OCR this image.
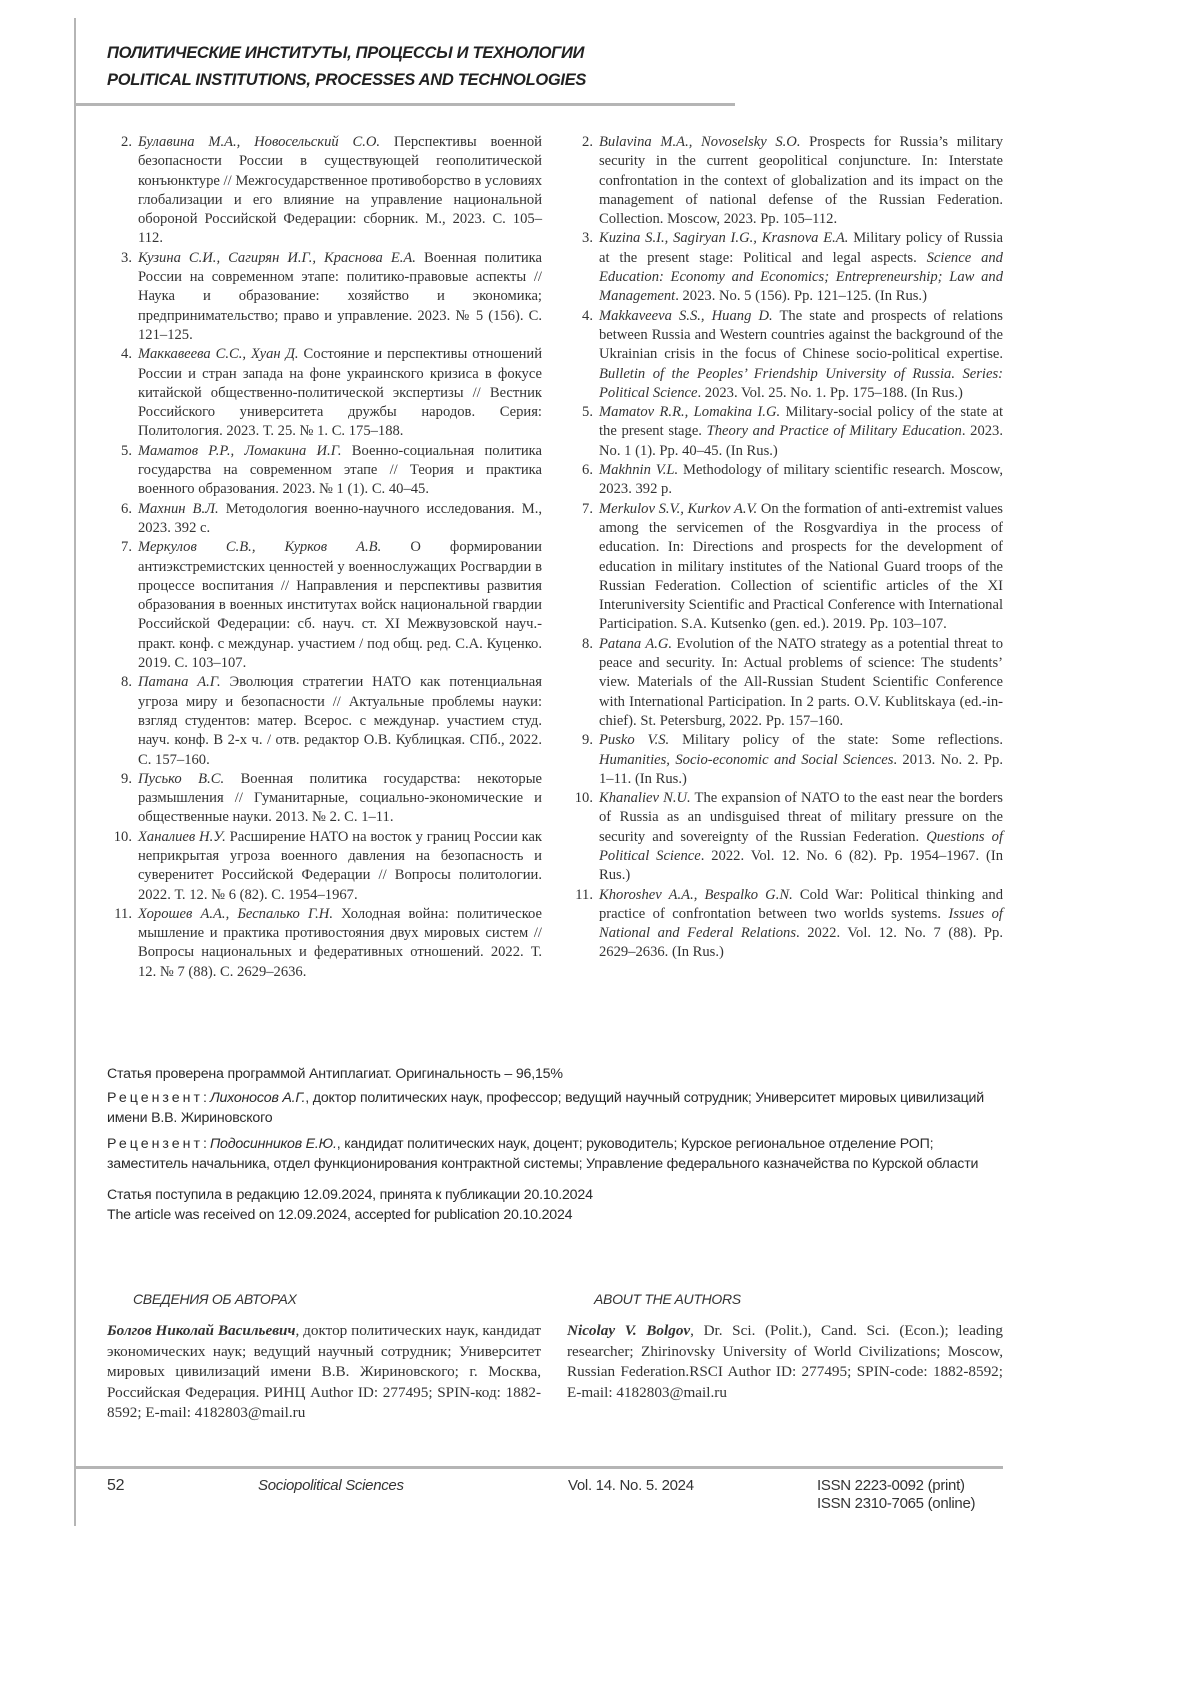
ПОЛИТИЧЕСКИЕ ИНСТИТУТЫ, ПРОЦЕССЫ И ТЕХНОЛОГИИ
POLITICAL INSTITUTIONS, PROCESSES AND TECHNOLOGIES
2. Булавина М.А., Новосельский С.О. Перспективы военной безопасности России в существующей геополитической конъюнктуре // Межгосударственное противоборство в условиях глобализации и его влияние на управление национальной обороной Российской Федерации: сборник. М., 2023. С. 105–112.
3. Кузина С.И., Сагирян И.Г., Краснова Е.А. Военная политика России на современном этапе: политико-правовые аспекты // Наука и образование: хозяйство и экономика; предпринимательство; право и управление. 2023. № 5 (156). С. 121–125.
4. Маккавеева С.С., Хуан Д. Состояние и перспективы отношений России и стран запада на фоне украинского кризиса в фокусе китайской общественно-политической экспертизы // Вестник Российского университета дружбы народов. Серия: Политология. 2023. Т. 25. № 1. С. 175–188.
5. Маматов Р.Р., Ломакина И.Г. Военно-социальная политика государства на современном этапе // Теория и практика военного образования. 2023. № 1 (1). С. 40–45.
6. Махнин В.Л. Методология военно-научного исследования. М., 2023. 392 с.
7. Меркулов С.В., Курков А.В. О формировании антиэкстремистских ценностей у военнослужащих Росгвардии в процессе воспитания // Направления и перспективы развития образования в военных институтах войск национальной гвардии Российской Федерации: сб. науч. ст. XI Межвузовской науч.-практ. конф. с междунар. участием / под общ. ред. С.А. Куценко. 2019. С. 103–107.
8. Патана А.Г. Эволюция стратегии НАТО как потенциальная угроза миру и безопасности // Актуальные проблемы науки: взгляд студентов: матер. Всерос. с междунар. участием студ. науч. конф. В 2-х ч. / отв. редактор О.В. Кублицкая. СПб., 2022. С. 157–160.
9. Пусько В.С. Военная политика государства: некоторые размышления // Гуманитарные, социально-экономические и общественные науки. 2013. № 2. С. 1–11.
10. Ханалиев Н.У. Расширение НАТО на восток у границ России как неприкрытая угроза военного давления на безопасность и суверенитет Российской Федерации // Вопросы политологии. 2022. Т. 12. № 6 (82). С. 1954–1967.
11. Хорошев А.А., Беспалько Г.Н. Холодная война: политическое мышление и практика противостояния двух мировых систем // Вопросы национальных и федеративных отношений. 2022. Т. 12. № 7 (88). С. 2629–2636.
2. Bulavina M.A., Novoselsky S.O. Prospects for Russia’s military security in the current geopolitical conjuncture. In: Interstate confrontation in the context of globalization and its impact on the management of national defense of the Russian Federation. Collection. Moscow, 2023. Pp. 105–112.
3. Kuzina S.I., Sagiryan I.G., Krasnova E.A. Military policy of Russia at the present stage: Political and legal aspects. Science and Education: Economy and Economics; Entrepreneurship; Law and Management. 2023. No. 5 (156). Pp. 121–125. (In Rus.)
4. Makkaveeva S.S., Huang D. The state and prospects of relations between Russia and Western countries against the background of the Ukrainian crisis in the focus of Chinese socio-political expertise. Bulletin of the Peoples’ Friendship University of Russia. Series: Political Science. 2023. Vol. 25. No. 1. Pp. 175–188. (In Rus.)
5. Mamatov R.R., Lomakina I.G. Military-social policy of the state at the present stage. Theory and Practice of Military Education. 2023. No. 1 (1). Pp. 40–45. (In Rus.)
6. Makhnin V.L. Methodology of military scientific research. Moscow, 2023. 392 p.
7. Merkulov S.V., Kurkov A.V. On the formation of anti-extremist values among the servicemen of the Rosgvardiya in the process of education. In: Directions and prospects for the development of education in military institutes of the National Guard troops of the Russian Federation. Collection of scientific articles of the XI Interuniversity Scientific and Practical Conference with International Participation. S.A. Kutsenko (gen. ed.). 2019. Pp. 103–107.
8. Patana A.G. Evolution of the NATO strategy as a potential threat to peace and security. In: Actual problems of science: The students’ view. Materials of the All-Russian Student Scientific Conference with International Participation. In 2 parts. O.V. Kublitskaya (ed.-in-chief). St. Petersburg, 2022. Pp. 157–160.
9. Pusko V.S. Military policy of the state: Some reflections. Humanities, Socio-economic and Social Sciences. 2013. No. 2. Pp. 1–11. (In Rus.)
10. Khanaliev N.U. The expansion of NATO to the east near the borders of Russia as an undisguised threat of military pressure on the security and sovereignty of the Russian Federation. Questions of Political Science. 2022. Vol. 12. No. 6 (82). Pp. 1954–1967. (In Rus.)
11. Khoroshev A.A., Bespalko G.N. Cold War: Political thinking and practice of confrontation between two worlds systems. Issues of National and Federal Relations. 2022. Vol. 12. No. 7 (88). Pp. 2629–2636. (In Rus.)

Статья проверена программой Антиплагиат. Оригинальность – 96,15%

Рецензент:Лихоносов А.Г., доктор политических наук, профессор; ведущий научный сотрудник; Университет мировых цивилизаций имени В.В. Жириновского

Рецензент:Подосинников Е.Ю., кандидат политических наук, доцент; руководитель; Курское региональное отделение РОП; заместитель начальника, отдел функционирования контрактной системы; Управление федерального казначейства по Курской области

Статья поступила в редакцию 12.09.2024, принята к публикации 20.10.2024

The article was received on 12.09.2024, accepted for publication 20.10.2024

СВЕДЕНИЯ ОБ АВТОРАХ	ABOUT THE AUTHORS
Болгов Николай Васильевич, доктор политических наук, кандидат экономических наук; ведущий научный сотрудник; Университет мировых цивилизаций имени В.В. Жириновского; г. Москва, Российская Федерация. РИНЦ Author ID: 277495; SPIN-код: 1882-8592; E-mail: 4182803@mail.ru
Nicolay V. Bolgov, Dr. Sci. (Polit.), Cand. Sci. (Econ.); leading researcher; Zhirinovsky University of World Civilizations; Moscow, Russian Federation.RSCI Author ID: 277495; SPIN-code: 1882-8592; E-mail: 4182803@mail.ru
52	Sociopolitical Sciences	Vol. 14. No. 5. 2024	ISSN 2223-0092 (print)
ISSN 2310-7065 (online)
